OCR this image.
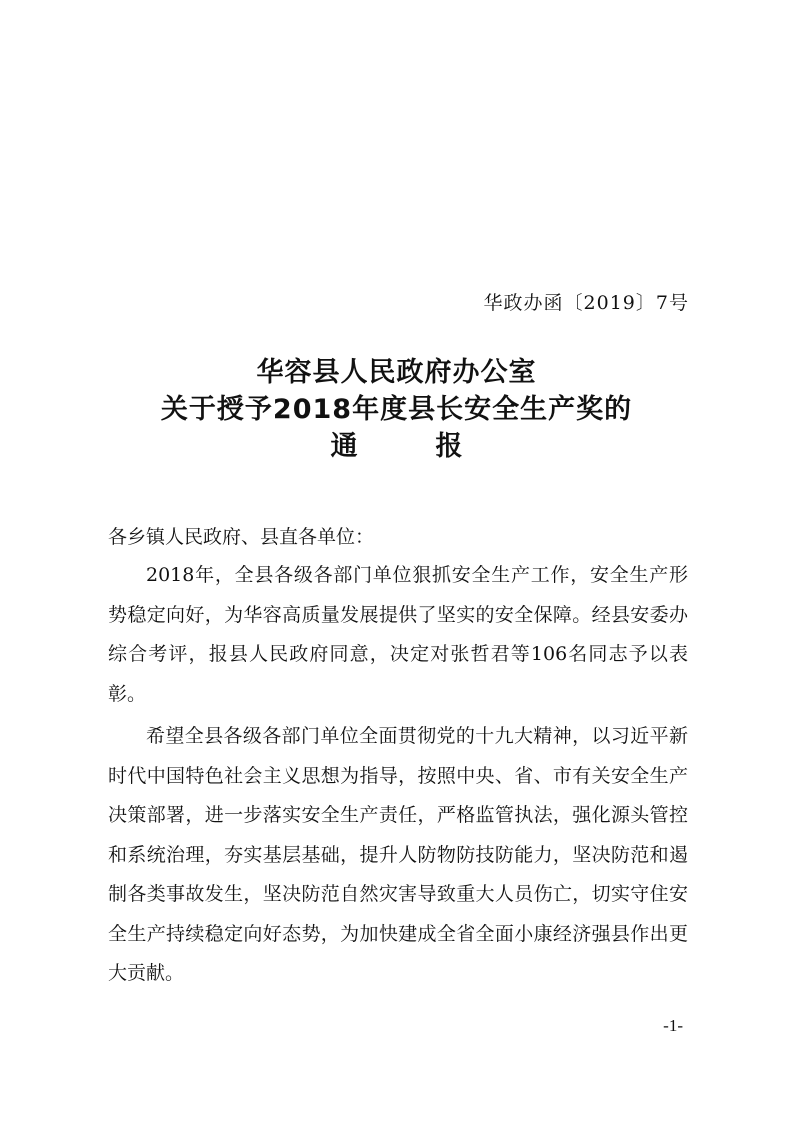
华政办函〔2019〕7号
华容县人民政府办公室
关于授予2018年度县长安全生产奖的
通	报
各乡镇人民政府、县直各单位：

2018年，全县各级各部门单位狠抓安全生产工作，安全生产形势稳定向好，为华容高质量发展提供了坚实的安全保障。经县安委办综合考评，报县人民政府同意，决定对张哲君等106名同志予以表彰。

希望全县各级各部门单位全面贯彻党的十九大精神，以习近平新时代中国特色社会主义思想为指导，按照中央、省、市有关安全生产决策部署，进一步落实安全生产责任，严格监管执法，强化源头管控和系统治理，夯实基层基础，提升人防物防技防能力，坚决防范和遏制各类事故发生，坚决防范自然灾害导致重大人员伤亡，切实守住安全生产持续稳定向好态势，为加快建成全省全面小康经济强县作出更大贡献。

-1-
